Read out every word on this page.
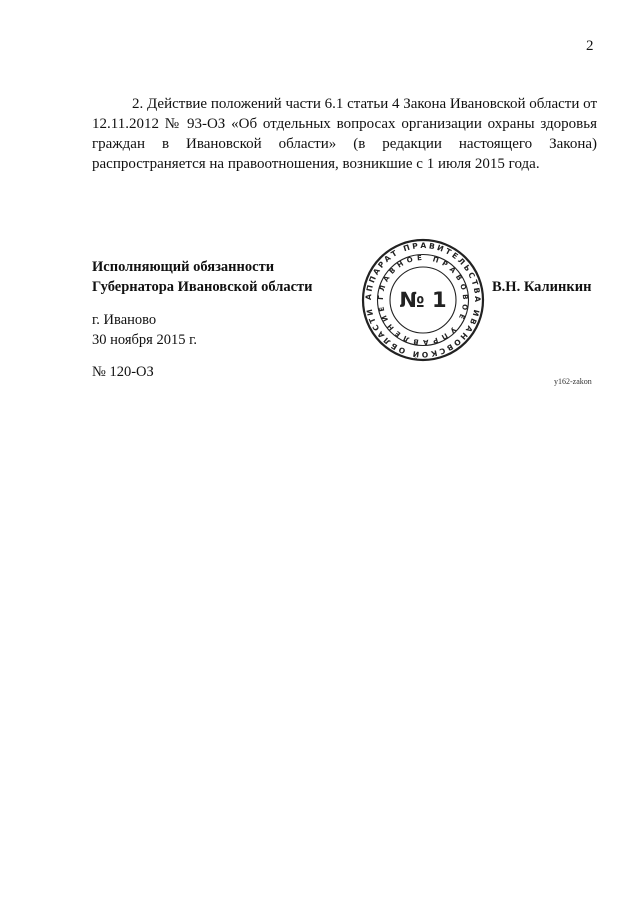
2

2. Действие положений части 6.1 статьи 4 Закона Ивановской области от 12.11.2012 № 93-ОЗ «Об отдельных вопросах организации охраны здоровья граждан в Ивановской области» (в редакции настоящего Закона) распространяется на правоотношения, возникшие с 1 июля 2015 года.

Исполняющий обязанности
Губернатора Ивановской области	В.Н. Калинкин
г. Иваново
30 ноября 2015 г.
№ 120-ОЗ
у162-zakon
АППАРАТ ПРАВИТЕЛЬСТВА ИВАНОВСКОЙ ОБЛАСТИ
ГЛАВНОЕ ПРАВОВОЕ УПРАВЛЕНИЕ № 1
